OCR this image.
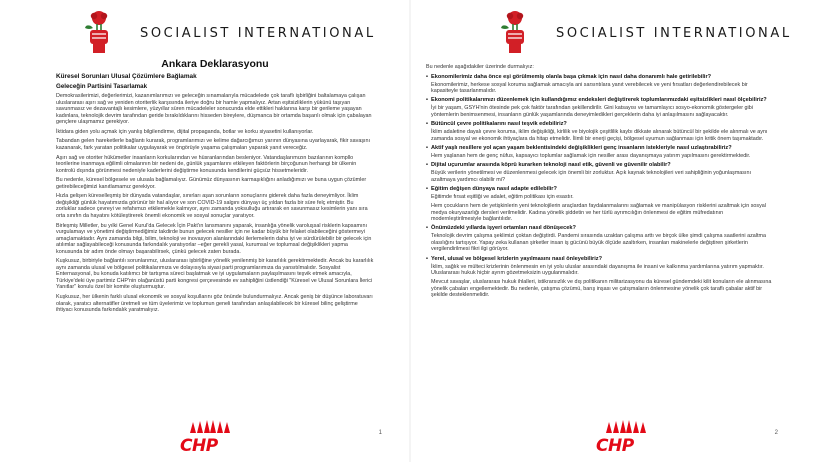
SOCIALIST INTERNATIONAL
Ankara Deklarasyonu
Küresel Sorunları Ulusal Çözümlere Bağlamak
Geleceğin Partisini Tasarlamak

Demokrasilerimizi, değerlerimizi, kazanımlarımızı ve geleceğin sınamalarıyla mücadelede çok taraflı işbirliğini baltalamaya çalışan uluslararası aşırı sağ ve yeniden otoriterlik karşısında ileriye doğru bir hamle yapmalıyız. Artan eşitsizliklerin yükünü taşıyan savunmasız ve dezavantajlı kesimlere, yüzyıllar süren mücadeleler sonucunda elde ettikleri haklarına karşı bir gerileme yaşayan kadınlara, teknolojik devrim tarafından geride bırakıldıklarını hisseden bireylere, düşmanca bir ortamda başarılı olmak için çabalayan gençlere ulaşmamız gerekiyor.

İktidara giden yolu açmak için yanlış bilgilendirme, dijital propaganda, botlar ve korku siyasetini kullanıyorlar.

Tabandan gelen hareketlerle bağlantı kurarak, programlarımızı ve kelime dağarcığımızı yarının dünyasına uyarlayarak, fikir savaşını kazanarak, fark yaratan politikalar uygulayarak ve öngörüyle yaşama çalışmaları yaparak yanıt vereceğiz.

Aşırı sağ ve otoriter hükümetler insanların korkularından ve hüsranlarından besleniyor. Vatandaşlarımızın bazılarının kompllo teorilerine inanmaya eğilimli olmalarının bir nedeni de, günlük yaşamlarını etkileyen faktörlerin birçoğunun herhangi bir ülkenin kontrolü dışında görünmesi nedeniyle kaderlerini değiştirme konusunda kendilerini güçsüz hissetmeleridir.

Bu nedenle, küresel bölgesele ve ulusala bağlamalıyız. Günümüz dünyasının karmaşıklığını anladığımızı ve buna uygun çözümler getirebileceğimizi kanıtlamamız gerekiyor.

Hızla gelişen küreselleşmiş bir dünyada vatandaşlar, sınırları aşan sorunların sonuçlarını giderek daha fazla deneyimliyor. İklim değişikliği günlük hayatımızda görünür bir hal alıyor ve son COVID-19 salgını dünyayı üç yıldan fazla bir süre felç etmiştir. Bu zorluklar sadece çevreyi ve refahımızı etkilemekle kalmıyor, aynı zamanda yoksulluğu artırarak en savunmasız kesimlerin yanı sıra orta sınıfın da hayatını kötüleştirerek önemli ekonomik ve sosyal sonuçlar yaratıyor.

Birleşmiş Milletler, bu yılki Genel Kurul'da Gelecek İçin Pakt'ın lansmanını yaparak, insanlığa yönelik varoluşsal risklerin kapsamını vurgulamayı ve yönetimi değiştirmediğimiz takdirde bunun gelecek nesiller için ne kadar büyük bir felaket olabileceğini göstermeyi amaçlamaktadır. Aynı zamanda bilgi, bilim, teknoloji ve inovasyon alanlarındaki ilerlemelerin daha iyi ve sürdürülebilir bir gelecek için atılımlar sağlayabileceği konusunda farkındalık yaratıyorlar –eğer gerekli yasal, kurumsal ve toplumsal değişiklikleri yapma konusunda bir adım önde olmayı başarabilirsek, çünkü gelecek zaten burada.

Kuşkusuz, birbiriyle bağlantılı sorunlarımız, uluslararası işbirliğine yönelik yenilenmiş bir kararlılık gerektirmektedir. Ancak bu kararlılık aynı zamanda ulusal ve bölgesel politikalarımıza ve dolayısıyla siyasi parti programlarımıza da yansıtılmalıdır. Sosyalist Enternasyonal, bu konuda katılımcı bir tartışma süreci başlatmak ve iyi uygulamaların paylaşılmasını teşvik etmek amacıyla, Türkiye'deki üye partimiz CHP'nin olağanüstü parti kongresi çerçevesinde ev sahipliğini üstlendiği "Küresel ve Ulusal Sorunlara İlerici Yanıtlar" konulu özel bir komite oluşturmuştur.

Kuşkusuz, her ülkenin farklı ulusal ekonomik ve sosyal koşullarını göz önünde bulundurmalıyız. Ancak geniş bir düşünce laboratuvarı olarak, yaratıcı alternatifler üretmeli ve tüm üyelerimiz ve toplumun geneli tarafından anlaşılabilecek bir küresel bilinç geliştirme ihtiyacı konusunda farkındalık yaratmalıyız.

1
CHP
SOCIALIST INTERNATIONAL

Bu nedenle aşağıdakiler üzerinde durmalıyız:

• Ekonomilerimiz daha önce eşi görülmemiş olanla başa çıkmak için nasıl daha donanımlı hale getirilebilir?

Ekonomilerimiz, herkese sosyal koruma sağlamak amacıyla ani sarsıntılara yanıt verebilecek ve yeni fırsatları değerlendirebilecek bir kapasiteyle tasarlanmalıdır.

• Ekonomi politikalarımızı düzenlemek için kullandığımız endeksleri değiştirerek toplumlarımızdaki eşitsizlikleri nasıl ölçebiliriz?

İyi bir yaşam, GSYH'nin ötesinde pek çok faktör tarafından şekillendirilir. Gini katsayısı ve tamamlayıcı sosyo-ekonomik göstergeler gibi yöntemlerin benimsenmesi, insanların günlük yaşamlarında deneyimledikleri gerçeklerin daha iyi anlaşılmasını sağlayacaktır.

• Bütüncül çevre politikalarını nasıl teşvik edebiliriz?

İklim adaletine dayalı çevre koruma, iklim değişikliği, kirlilik ve biyolojik çeşitlilik kaybı dikkate alınarak bütüncül bir şekilde ele alınmalı ve aynı zamanda sosyal ve ekonomik ihtiyaçlara da hitap etmelidir. İlimli bir enerji geçişi, bölgesel uyumun sağlanması için kritik önem taşımaktadır.

• Aktif yaşlı nesillere yol açan yaşam beklentisindeki değişiklikleri genç insanların istekleriyle nasıl uzlaştırabiliriz?

Hem yaşlanan hem de genç nüfus, kapsayıcı toplumlar sağlamak için nesiller arası dayanışmaya yatırım yapılmasını gerektirmektedir.

• Dijital uçurumlar arasında köprü kurarken teknoloji nasıl etik, güvenli ve güvenilir olabilir?

Büyük verilerin yönetilmesi ve düzenlenmesi gelecek için önemli bir zorluktur. Açık kaynak teknolojileri veri sahipliğinin yoğunlaşmasını azaltmaya yardımcı olabilir mi?

• Eğitim değişen dünyaya nasıl adapte edilebilir?

Eğitimde fırsat eşitliği ve adalet, eğitim politikası için esastır.

Hem çocukların hem de yetişkinlerin yeni teknolojilerin araçlardan faydalanmalarını sağlamak ve manipülasyon risklerini azaltmak için sosyal medya okuryazarlığı dersleri verilmelidir. Kadına yönelik şiddetin ve her türlü ayrımcılığın önlenmesi de eğitim müfredatının modernleştirilmesiyle bağlantılıdır.

• Önümüzdeki yıllarda işyeri ortamları nasıl dönüşecek?

Teknolojik devrim çalışma şeklimizi çoktan değiştirdi. Pandemi sırasında uzaktan çalışma arttı ve birçok ülke şimdi çalışma saatlerini azaltma olasılığını tartışıyor. Yapay zeka kullanan şirketler insan iş gücünü büyük ölçüde azaltırken, insanları makinelerle değiştiren şirketlerin vergilendirilmesi fikri ilgi görüyor.

• Yerel, ulusal ve bölgesel krizlerin yayılmasını nasıl önleyebiliriz?

İklim, sağlık ve mülteci krizlerinin önlenmesin en iyi yolu uluslar arasındaki dayanışma ile insani ve kalkınma yardımlarına yatırım yapmaktır. Uluslararası hukuk hiçbir ayrım gözetmeksizin uygulanmalıdır.

Mevcut savaşlar, uluslararası hukuk ihlalleri, istikrarsızlık ve dış politikanın militarizasyonu da küresel gündemdeki kilit konuların ele alınmasına yönelik çabaları engellemektedir. Bu nedenle, çatışma çözümü, barış inşası ve çatışmaların önlenmesine yönelik çok taraflı çabalar aktif bir şekilde desteklenmelidir.

2
CHP
